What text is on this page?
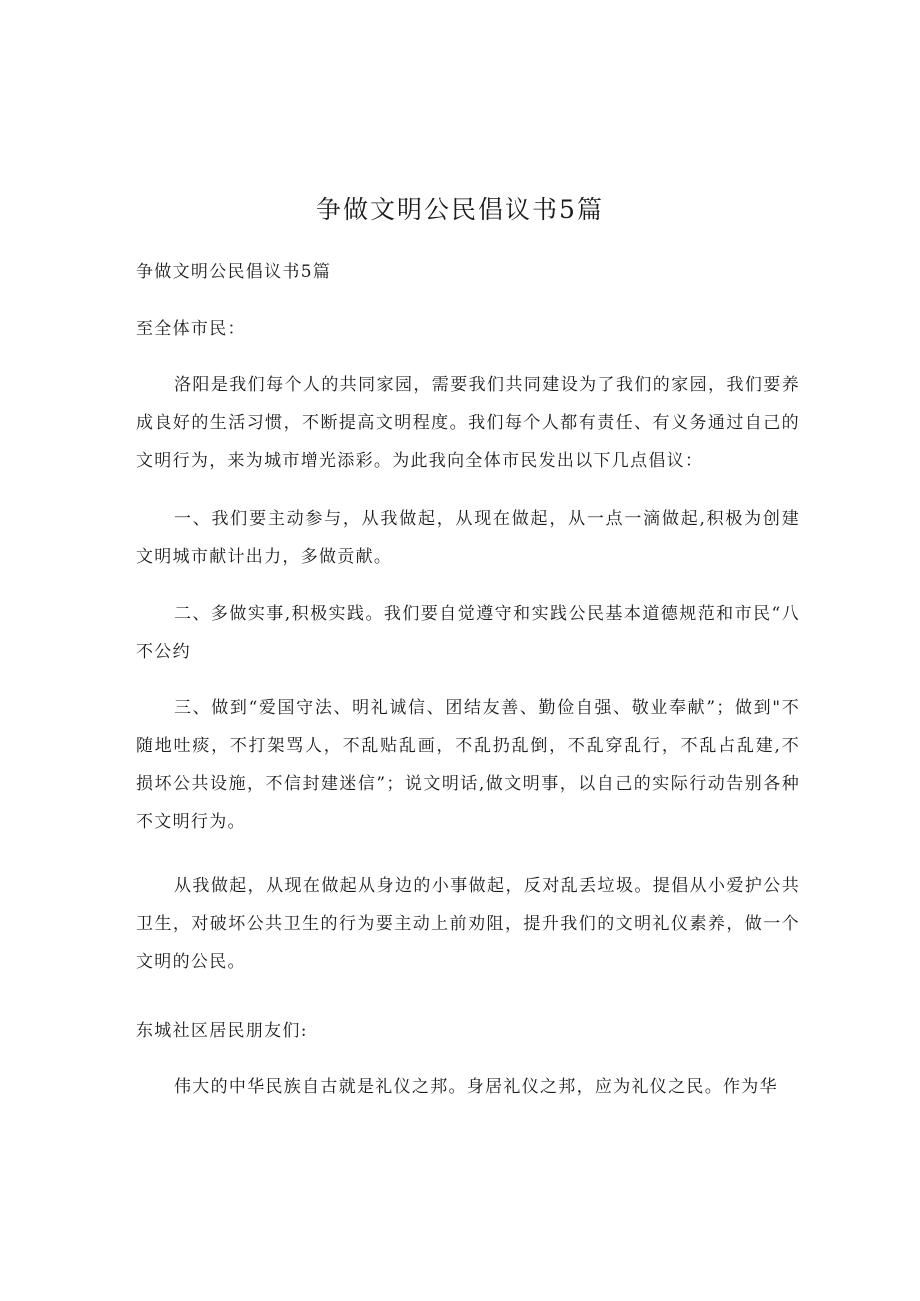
争做文明公民倡议书5篇

争做文明公民倡议书5篇

至全体市民：

洛阳是我们每个人的共同家园，需要我们共同建设为了我们的家园，我们要养成良好的生活习惯，不断提高文明程度。我们每个人都有责任、有义务通过自己的文明行为，来为城市增光添彩。为此我向全体市民发出以下几点倡议：

一、我们要主动参与，从我做起，从现在做起，从一点一滴做起,积极为创建文明城市献计出力，多做贡献。

二、多做实事,积极实践。我们要自觉遵守和实践公民基本道德规范和市民“八不公约

三、做到“爱国守法、明礼诚信、团结友善、勤俭自强、敬业奉献”；做到"不随地吐痰，不打架骂人，不乱贴乱画，不乱扔乱倒，不乱穿乱行，不乱占乱建,不损坏公共设施，不信封建迷信”；说文明话,做文明事，以自己的实际行动告别各种不文明行为。

从我做起，从现在做起从身边的小事做起，反对乱丢垃圾。提倡从小爱护公共卫生，对破坏公共卫生的行为要主动上前劝阻，提升我们的文明礼仪素养，做一个文明的公民。

东城社区居民朋友们:

伟大的中华民族自古就是礼仪之邦。身居礼仪之邦，应为礼仪之民。作为华
